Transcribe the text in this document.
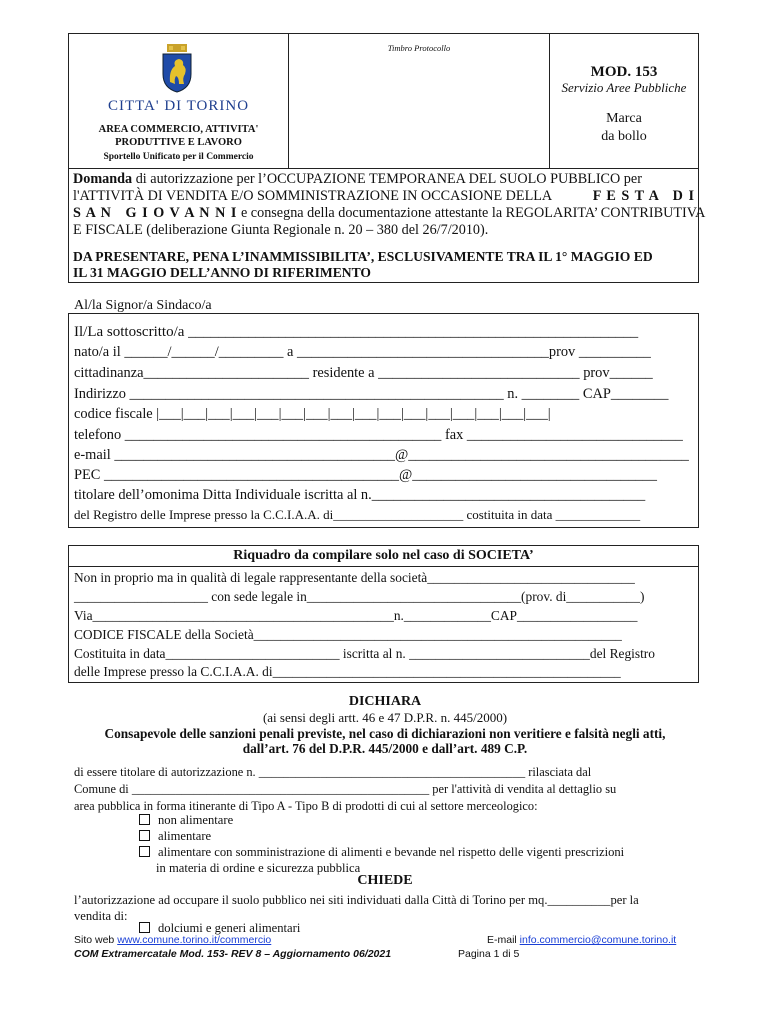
CITTA' DI TORINO
AREA COMMERCIO, ATTIVITA'
PRODUTTIVE E LAVORO
Sportello Unificato per il Commercio
Timbro Protocollo
MOD. 153
Servizio Aree Pubbliche
Marca
da bollo
Domanda di autorizzazione per l’OCCUPAZIONE TEMPORANEA DEL SUOLO PUBBLICO per
l'ATTIVITÀ DI VENDITA E/O SOMMINISTRAZIONE IN OCCASIONE DELLA	F E S T A   D I
S A N   G I O V A N N I e consegna della documentazione attestante la REGOLARITA’ CONTRIBUTIVA
E FISCALE (deliberazione Giunta Regionale n. 20 – 380 del 26/7/2010).
DA PRESENTARE, PENA L’INAMMISSIBILITA’, ESCLUSIVAMENTE TRA IL 1° MAGGIO ED
IL 31 MAGGIO DELL’ANNO DI RIFERIMENTO
Al/la Signor/a Sindaco/a
Il/La sottoscritto/a ____________________________________________________________
nato/a il ______/______/_________ a ___________________________________prov __________
cittadinanza_______________________ residente a ____________________________ prov______
Indirizzo ____________________________________________________ n. ________ CAP________
codice fiscale |___|___|___|___|___|___|___|___|___|___|___|___|___|___|___|___|
telefono ____________________________________________ fax ______________________________
e-mail _______________________________________@_______________________________________
PEC _________________________________________@__________________________________
titolare dell’omonima Ditta Individuale iscritta al n.______________________________________
del Registro delle Imprese presso la C.C.I.A.A. di____________________ costituita in data _____________
Riquadro da compilare solo nel caso di SOCIETA’
Non in proprio ma in qualità di legale rappresentante della società_______________________________
____________________ con sede legale in________________________________(prov. di___________)
Via_____________________________________________n._____________CAP__________________
CODICE FISCALE della Società_______________________________________________________
Costituita in data__________________________ iscritta al n. ___________________________del Registro
delle Imprese presso la C.C.I.A.A. di____________________________________________________
DICHIARA
(ai sensi degli artt. 46 e 47 D.P.R. n. 445/2000)
Consapevole delle sanzioni penali previste, nel caso di dichiarazioni non veritiere e falsità negli atti,
dall’art. 76 del D.P.R. 445/2000 e dall’art. 489 C.P.
di essere titolare di autorizzazione n. ___________________________________________ rilasciata dal
Comune di ________________________________________________ per l'attività di vendita al dettaglio su
area pubblica in forma itinerante di Tipo A - Tipo B di prodotti di cui al settore merceologico:
non alimentare
alimentare
alimentare con somministrazione di alimenti e bevande nel rispetto delle vigenti prescrizioni
in materia di ordine e sicurezza pubblica
CHIEDE
l’autorizzazione ad occupare il suolo pubblico nei siti individuati dalla Città di Torino per mq.__________per la
vendita di:
dolciumi e generi alimentari
Sito web www.comune.torino.it/commercio	E-mail info.commercio@comune.torino.it
COM Extramercatale Mod. 153- REV 8 – Aggiornamento 06/2021	Pagina 1 di 5
